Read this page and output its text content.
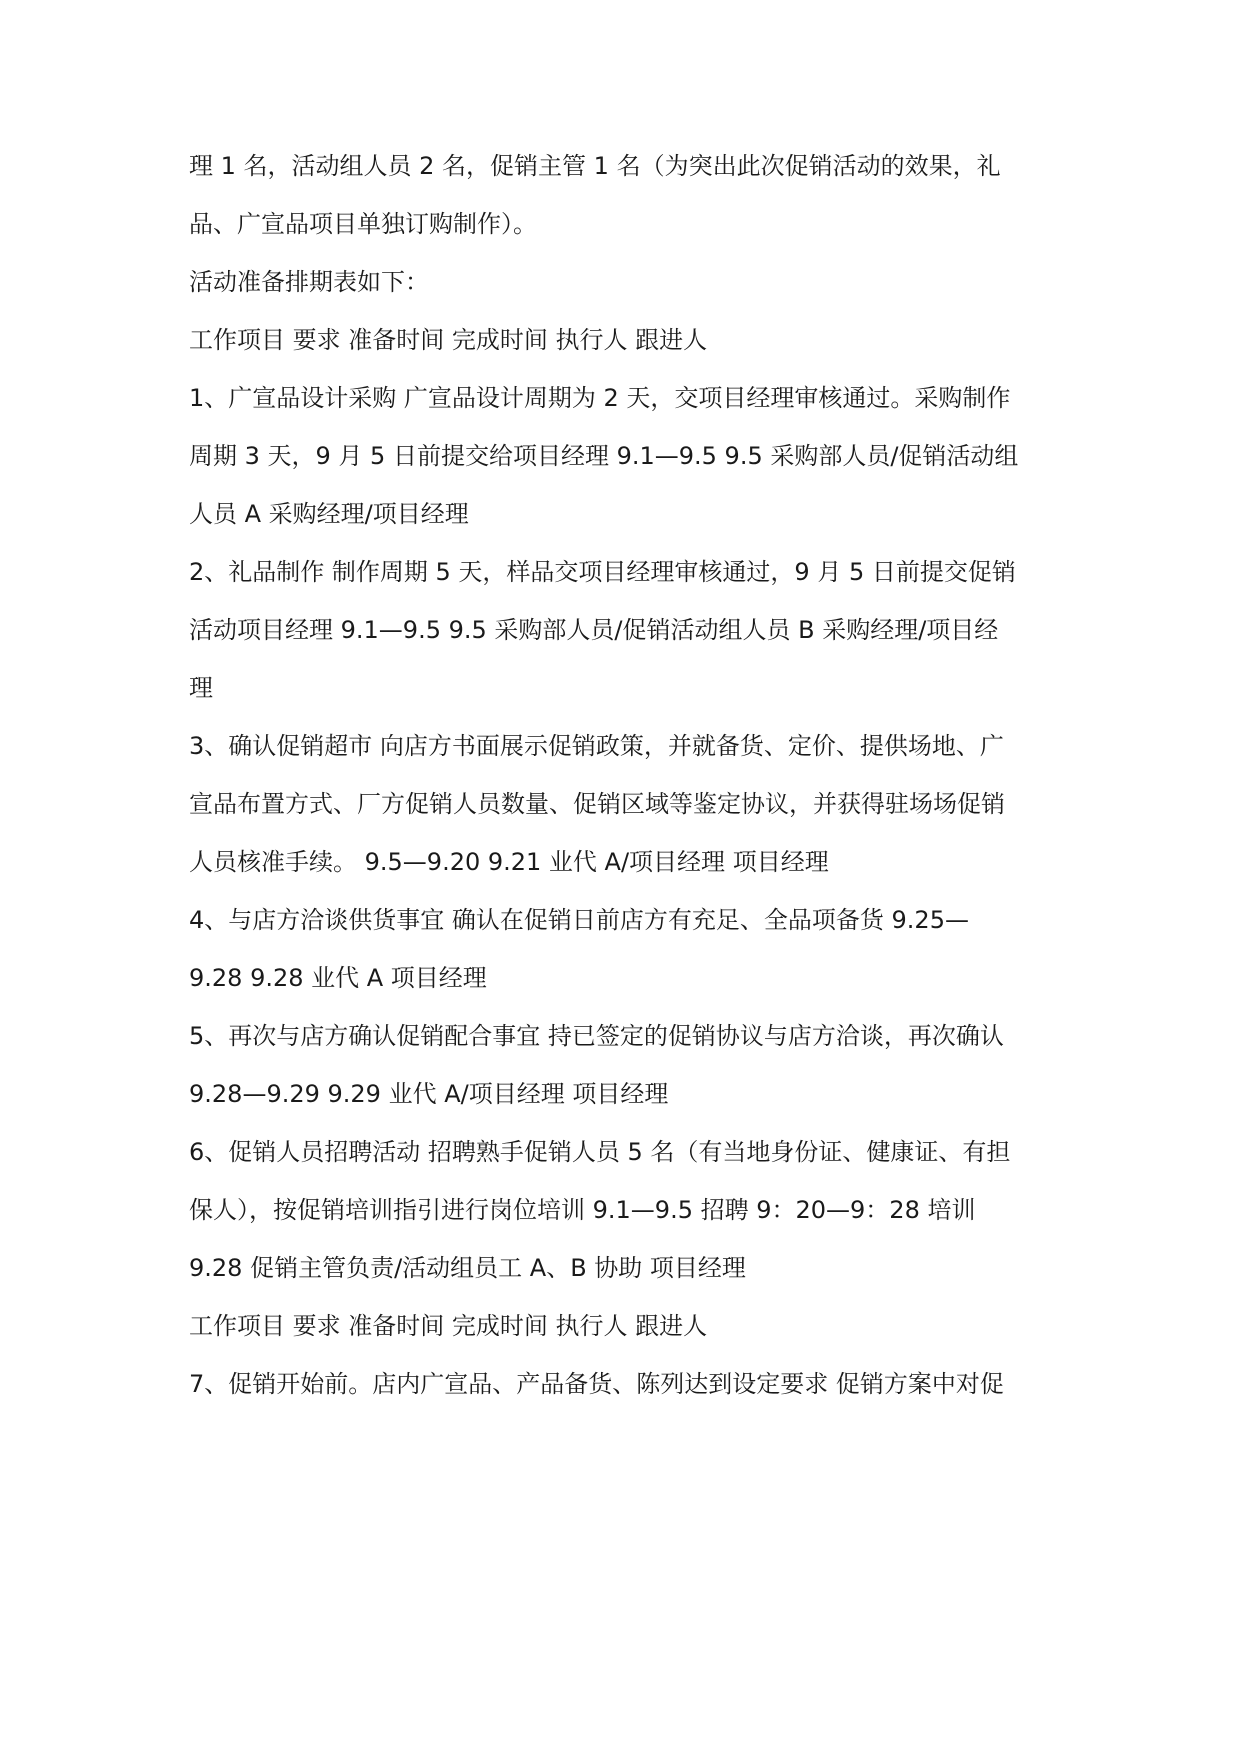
理 1 名，活动组人员 2 名，促销主管 1 名（为突出此次促销活动的效果，礼
品、广宣品项目单独订购制作）。
活动准备排期表如下：
工作项目 要求 准备时间 完成时间 执行人 跟进人
1、广宣品设计采购 广宣品设计周期为 2 天，交项目经理审核通过。采购制作
周期 3 天，9 月 5 日前提交给项目经理 9.1—9.5 9.5 采购部人员/促销活动组
人员 A 采购经理/项目经理
2、礼品制作 制作周期 5 天，样品交项目经理审核通过，9 月 5 日前提交促销
活动项目经理 9.1—9.5 9.5 采购部人员/促销活动组人员 B 采购经理/项目经
理
3、确认促销超市 向店方书面展示促销政策，并就备货、定价、提供场地、广
宣品布置方式、厂方促销人员数量、促销区域等鉴定协议，并获得驻场场促销
人员核准手续。 9.5—9.20 9.21 业代 A/项目经理 项目经理
4、与店方洽谈供货事宜 确认在促销日前店方有充足、全品项备货 9.25—
9.28 9.28 业代 A 项目经理
5、再次与店方确认促销配合事宜 持已签定的促销协议与店方洽谈，再次确认
9.28—9.29 9.29 业代 A/项目经理 项目经理
6、促销人员招聘活动 招聘熟手促销人员 5 名（有当地身份证、健康证、有担
保人），按促销培训指引进行岗位培训 9.1—9.5 招聘 9：20—9：28 培训
9.28 促销主管负责/活动组员工 A、B 协助 项目经理
工作项目 要求 准备时间 完成时间 执行人 跟进人
7、促销开始前。店内广宣品、产品备货、陈列达到设定要求 促销方案中对促
